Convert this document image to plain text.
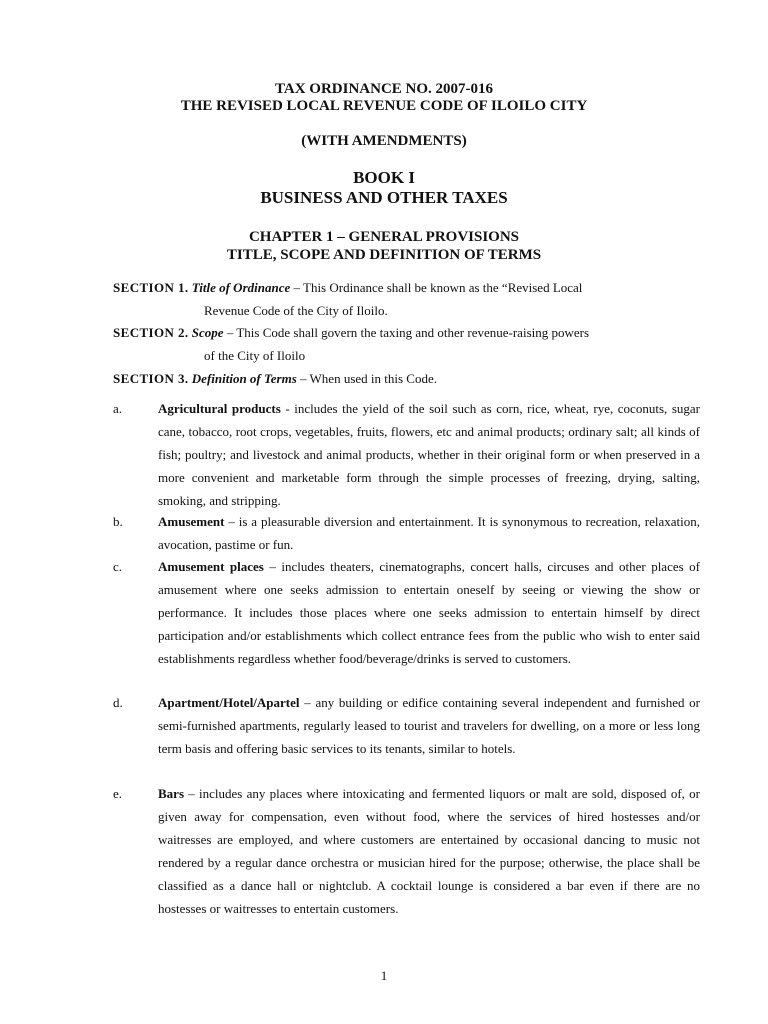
TAX ORDINANCE NO. 2007-016
THE REVISED LOCAL REVENUE CODE OF ILOILO CITY
(WITH AMENDMENTS)
BOOK I
BUSINESS AND OTHER TAXES
CHAPTER 1 – GENERAL PROVISIONS
TITLE, SCOPE AND DEFINITION OF TERMS
SECTION 1. Title of Ordinance – This Ordinance shall be known as the “Revised Local
Revenue Code of the City of Iloilo.
SECTION 2. Scope – This Code shall govern the taxing and other revenue-raising powers
of the City of Iloilo
SECTION 3. Definition of Terms – When used in this Code.
a.	Agricultural products - includes the yield of the soil such as corn, rice, wheat, rye, coconuts, sugar cane, tobacco, root crops, vegetables, fruits, flowers, etc and animal products; ordinary salt; all kinds of fish; poultry; and livestock and animal products, whether in their original form or when preserved in a more convenient and marketable form through the simple processes of freezing, drying, salting, smoking, and stripping.
b.	Amusement – is a pleasurable diversion and entertainment. It is synonymous to recreation, relaxation, avocation, pastime or fun.
c.	Amusement places – includes theaters, cinematographs, concert halls, circuses and other places of amusement where one seeks admission to entertain oneself by seeing or viewing the show or performance. It includes those places where one seeks admission to entertain himself by direct participation and/or establishments which collect entrance fees from the public who wish to enter said establishments regardless whether food/beverage/drinks is served to customers.
d.	Apartment/Hotel/Apartel – any building or edifice containing several independent and furnished or semi-furnished apartments, regularly leased to tourist and travelers for dwelling, on a more or less long term basis and offering basic services to its tenants, similar to hotels.
e.	Bars – includes any places where intoxicating and fermented liquors or malt are sold, disposed of, or given away for compensation, even without food, where the services of hired hostesses and/or waitresses are employed, and where customers are entertained by occasional dancing to music not rendered by a regular dance orchestra or musician hired for the purpose; otherwise, the place shall be classified as a dance hall or nightclub. A cocktail lounge is considered a bar even if there are no hostesses or waitresses to entertain customers.
1
